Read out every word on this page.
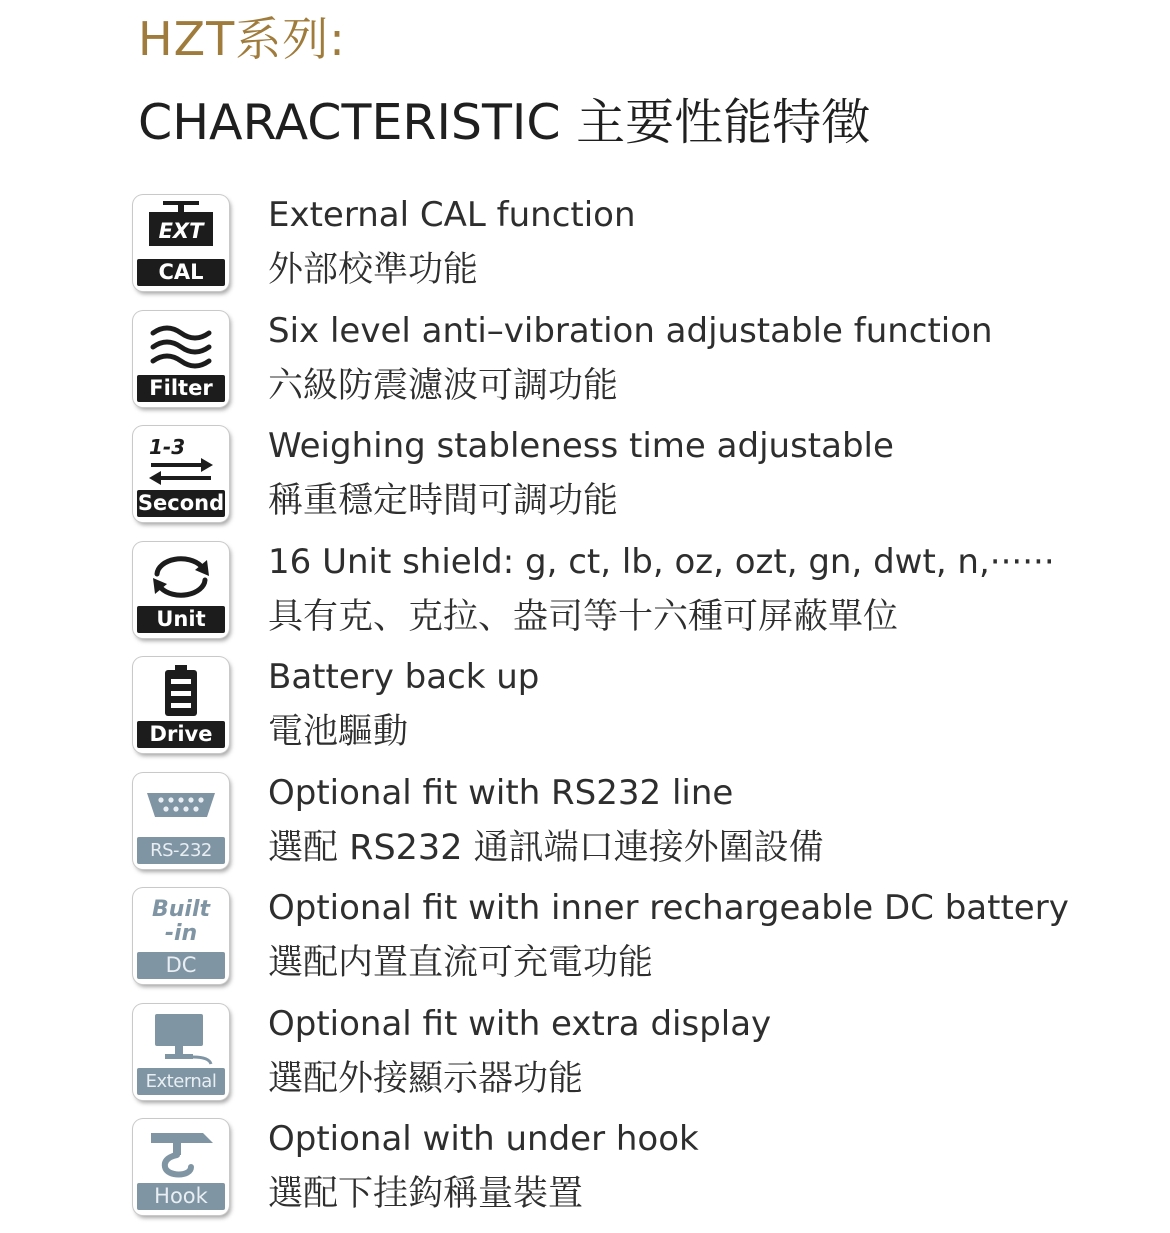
HZT系列:
CHARACTERISTIC 主要性能特徵
EXT
CAL
External CAL function
外部校準功能
Filter
Six level anti–vibration adjustable function
六級防震濾波可調功能
1-3
Second
Weighing stableness time adjustable
稱重穩定時間可調功能
Unit
16 Unit shield: g, ct, lb, oz, ozt, gn, dwt, n,······
具有克、克拉、盎司等十六種可屏蔽單位
Drive
Battery back up
電池驅動
RS-232
Optional fit with RS232 line
選配 RS232 通訊端口連接外圍設備
Built
-in
DC
Optional fit with inner rechargeable DC battery
選配内置直流可充電功能
External
Optional fit with extra display
選配外接顯示器功能
Hook
Optional with under hook
選配下挂鈎稱量裝置
